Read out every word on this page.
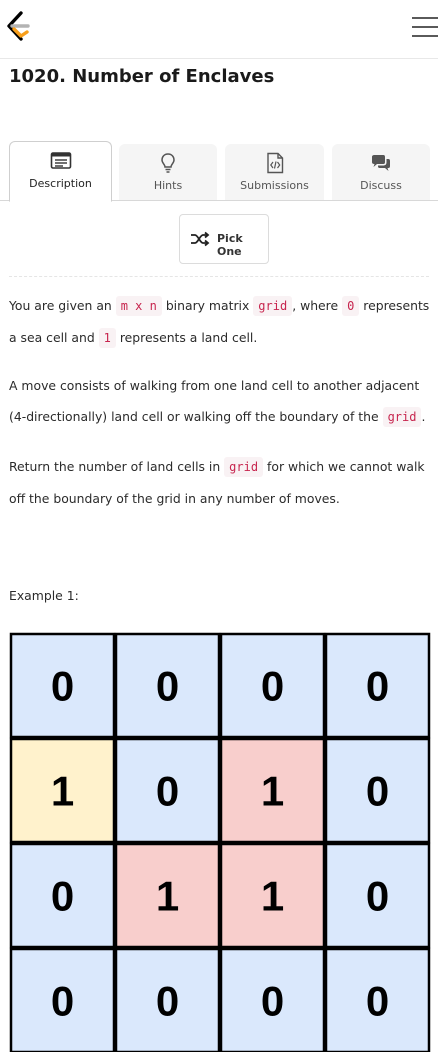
1020. Number of Enclaves
Description	Hints	Submissions	Discuss
Pick One
You are given an m x n binary matrix grid , where 0 represents a sea cell and 1 represents a land cell.
A move consists of walking from one land cell to another adjacent (4-directionally) land cell or walking off the boundary of the grid .
Return the number of land cells in grid for which we cannot walk off the boundary of the grid in any number of moves.
Example 1:
0 0 0 0
1 0 1 0
0 1 1 0
0 0 0 0
